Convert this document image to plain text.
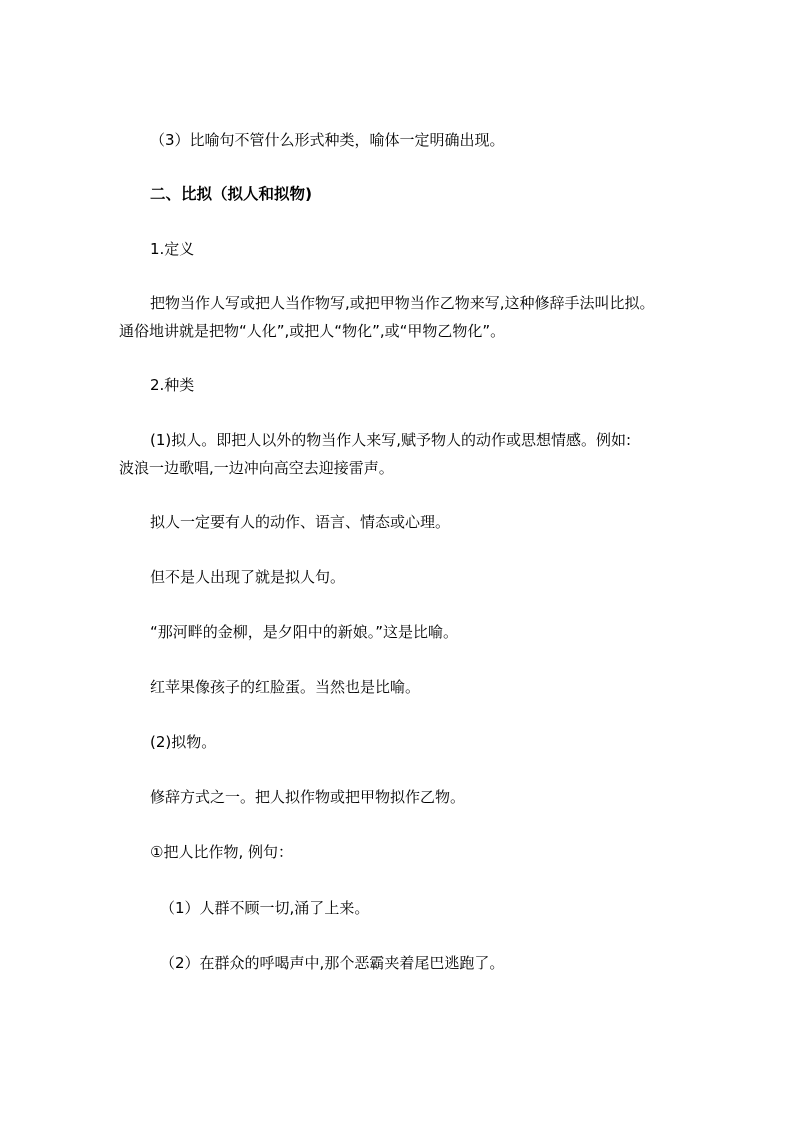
（3）比喻句不管什么形式种类，喻体一定明确出现。
二、比拟（拟人和拟物)
1.定义
把物当作人写或把人当作物写,或把甲物当作乙物来写,这种修辞手法叫比拟。
通俗地讲就是把物“人化”,或把人“物化”,或“甲物乙物化”。
2.种类
(1)拟人。即把人以外的物当作人来写,赋予物人的动作或思想情感。例如:
波浪一边歌唱,一边冲向高空去迎接雷声。
拟人一定要有人的动作、语言、情态或心理。
但不是人出现了就是拟人句。
“那河畔的金柳，是夕阳中的新娘。”这是比喻。
红苹果像孩子的红脸蛋。当然也是比喻。
(2)拟物。
修辞方式之一。把人拟作物或把甲物拟作乙物。
①把人比作物, 例句：
（1）人群不顾一切,涌了上来。
（2）在群众的呼喝声中,那个恶霸夹着尾巴逃跑了。
